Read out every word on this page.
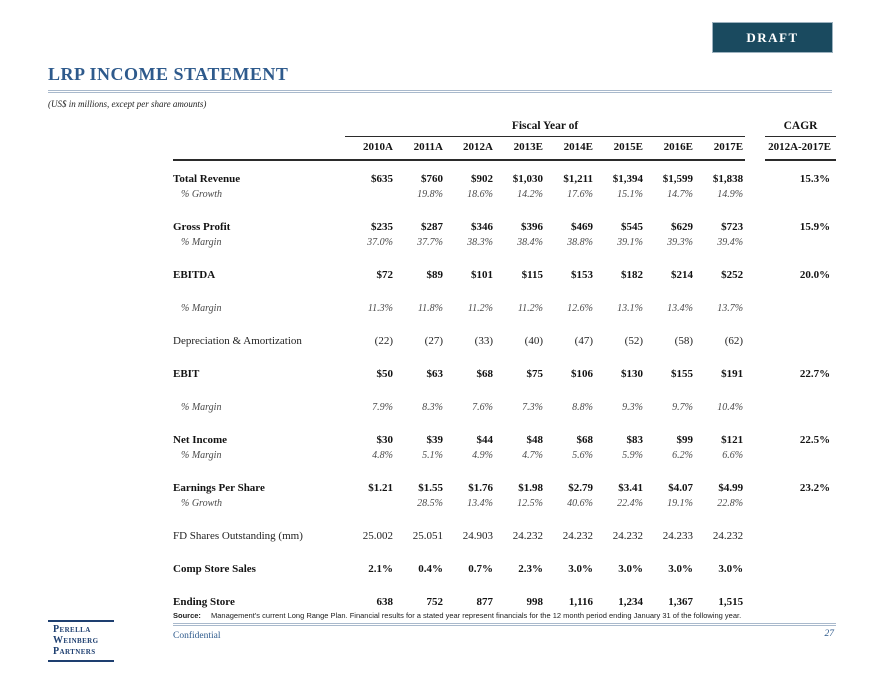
DRAFT
LRP INCOME STATEMENT
(US$ in millions, except per share amounts)
	Fiscal Year of									CAGR
	2010A	2011A	2012A	2013E	2014E	2015E	2016E	2017E		2012A-2017E
Total Revenue	$635	$760	$902	$1,030	$1,211	$1,394	$1,599	$1,838		15.3%
% Growth		19.8%	18.6%	14.2%	17.6%	15.1%	14.7%	14.9%		
Gross Profit	$235	$287	$346	$396	$469	$545	$629	$723		15.9%
% Margin	37.0%	37.7%	38.3%	38.4%	38.8%	39.1%	39.3%	39.4%		
EBITDA	$72	$89	$101	$115	$153	$182	$214	$252		20.0%
% Margin	11.3%	11.8%	11.2%	11.2%	12.6%	13.1%	13.4%	13.7%		
Depreciation & Amortization	(22)	(27)	(33)	(40)	(47)	(52)	(58)	(62)		
EBIT	$50	$63	$68	$75	$106	$130	$155	$191		22.7%
% Margin	7.9%	8.3%	7.6%	7.3%	8.8%	9.3%	9.7%	10.4%		
Net Income	$30	$39	$44	$48	$68	$83	$99	$121		22.5%
% Margin	4.8%	5.1%	4.9%	4.7%	5.6%	5.9%	6.2%	6.6%		
Earnings Per Share	$1.21	$1.55	$1.76	$1.98	$2.79	$3.41	$4.07	$4.99		23.2%
% Growth		28.5%	13.4%	12.5%	40.6%	22.4%	19.1%	22.8%		
FD Shares Outstanding (mm)	25.002	25.051	24.903	24.232	24.232	24.232	24.233	24.232		
Comp Store Sales	2.1%	0.4%	0.7%	2.3%	3.0%	3.0%	3.0%	3.0%		
Ending Store	638	752	877	998	1,116	1,234	1,367	1,515		
Source: Management’s current Long Range Plan. Financial results for a stated year represent financials for the 12 month period ending January 31 of the following year.
Perella
Weinberg
Partners
Confidential	27
